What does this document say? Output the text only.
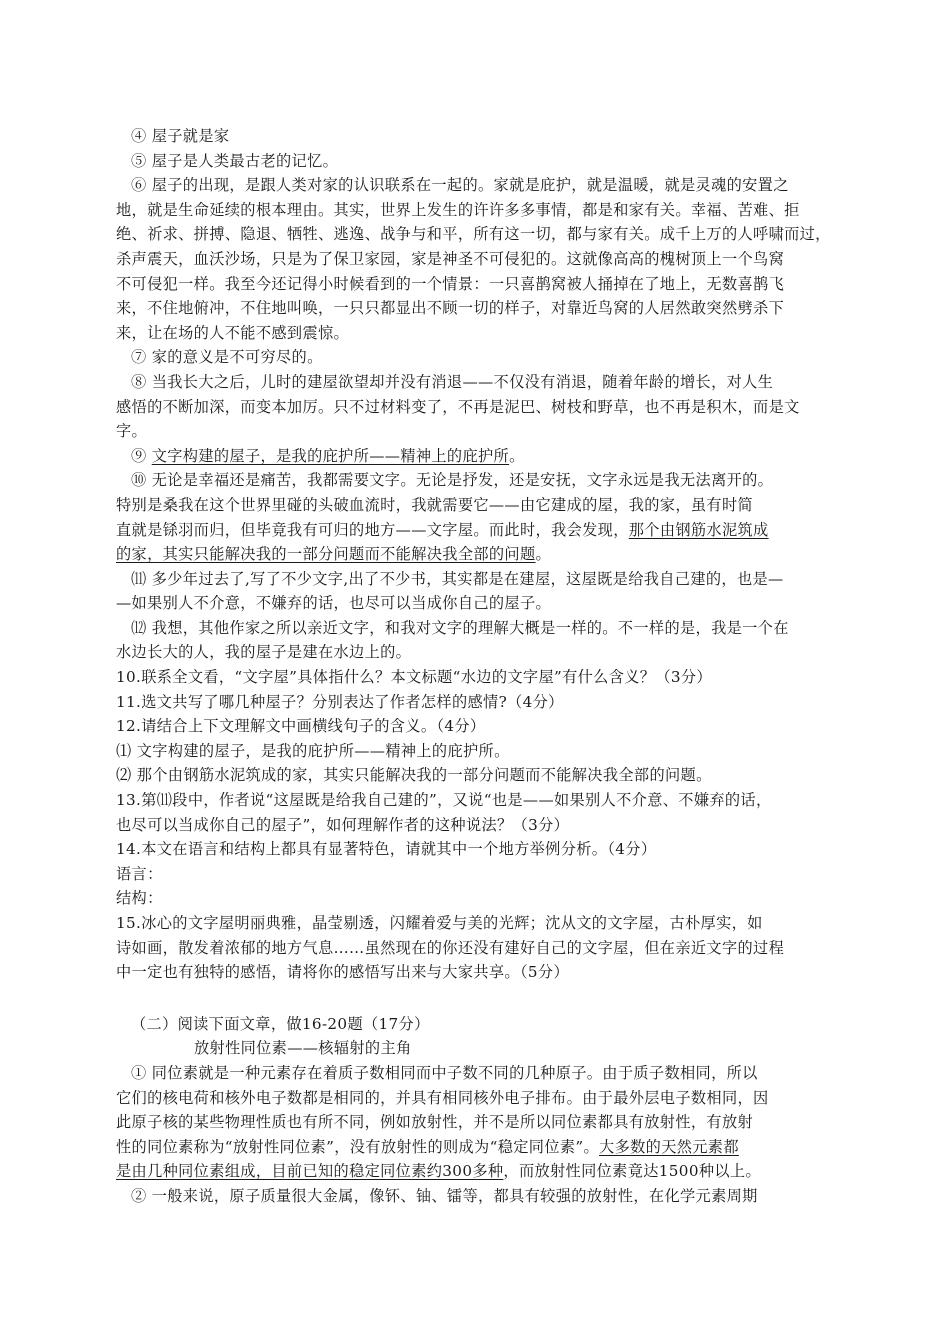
④ 屋子就是家
⑤ 屋子是人类最古老的记忆。
⑥ 屋子的出现，是跟人类对家的认识联系在一起的。家就是庇护，就是温暖，就是灵魂的安置之
地，就是生命延续的根本理由。其实，世界上发生的许许多多事情，都是和家有关。幸福、苦难、拒
绝、祈求、拼搏、隐退、牺牲、逃逸、战争与和平，所有这一切，都与家有关。成千上万的人呼啸而过，
杀声震天，血沃沙场，只是为了保卫家园，家是神圣不可侵犯的。这就像高高的槐树顶上一个鸟窝
不可侵犯一样。我至今还记得小时候看到的一个情景：一只喜鹊窝被人捅掉在了地上，无数喜鹊飞
来，不住地俯冲，不住地叫唤，一只只都显出不顾一切的样子，对靠近鸟窝的人居然敢突然劈杀下
来，让在场的人不能不感到震惊。
⑦ 家的意义是不可穷尽的。
⑧ 当我长大之后，儿时的建屋欲望却并没有消退——不仅没有消退，随着年龄的增长，对人生
感悟的不断加深，而变本加厉。只不过材料变了，不再是泥巴、树枝和野草，也不再是积木，而是文
字。
⑨ 文字构建的屋子，是我的庇护所——精神上的庇护所。
⑩ 无论是幸福还是痛苦，我都需要文字。无论是抒发，还是安抚，文字永远是我无法离开的。
特别是桑我在这个世界里碰的头破血流时，我就需要它——由它建成的屋，我的家，虽有时简
直就是铩羽而归，但毕竟我有可归的地方——文字屋。而此时，我会发现，那个由钢筋水泥筑成
的家，其实只能解决我的一部分问题而不能解决我全部的问题。
⑾ 多少年过去了,写了不少文字,出了不少书，其实都是在建屋，这屋既是给我自己建的，也是—
—如果别人不介意，不嫌弃的话，也尽可以当成你自己的屋子。
⑿ 我想，其他作家之所以亲近文字，和我对文字的理解大概是一样的。不一样的是，我是一个在
水边长大的人，我的屋子是建在水边上的。
10.联系全文看，“文字屋”具体指什么？本文标题“水边的文字屋”有什么含义？（3分）
11.选文共写了哪几种屋子？分别表达了作者怎样的感情?（4分）
12.请结合上下文理解文中画横线句子的含义。（4分）
⑴ 文字构建的屋子，是我的庇护所——精神上的庇护所。
⑵ 那个由钢筋水泥筑成的家，其实只能解决我的一部分问题而不能解决我全部的问题。
13.第⑾段中，作者说“这屋既是给我自己建的”，又说“也是——如果别人不介意、不嫌弃的话，
也尽可以当成你自己的屋子”，如何理解作者的这种说法？（3分）
14.本文在语言和结构上都具有显著特色，请就其中一个地方举例分析。（4分）
语言：
结构：
15.冰心的文字屋明丽典雅，晶莹剔透，闪耀着爱与美的光辉；沈从文的文字屋，古朴厚实，如
诗如画，散发着浓郁的地方气息……虽然现在的你还没有建好自己的文字屋，但在亲近文字的过程
中一定也有独特的感悟，请将你的感悟写出来与大家共享。（5分）
（二）阅读下面文章，做16-20题（17分）
放射性同位素——核辐射的主角
① 同位素就是一种元素存在着质子数相同而中子数不同的几种原子。由于质子数相同，所以
它们的核电荷和核外电子数都是相同的，并具有相同核外电子排布。由于最外层电子数相同，因
此原子核的某些物理性质也有所不同，例如放射性，并不是所以同位素都具有放射性，有放射
性的同位素称为“放射性同位素”，没有放射性的则成为“稳定同位素”。大多数的天然元素都
是由几种同位素组成，目前已知的稳定同位素约300多种，而放射性同位素竟达1500种以上。
② 一般来说，原子质量很大金属，像钚、铀、镭等，都具有较强的放射性，在化学元素周期
